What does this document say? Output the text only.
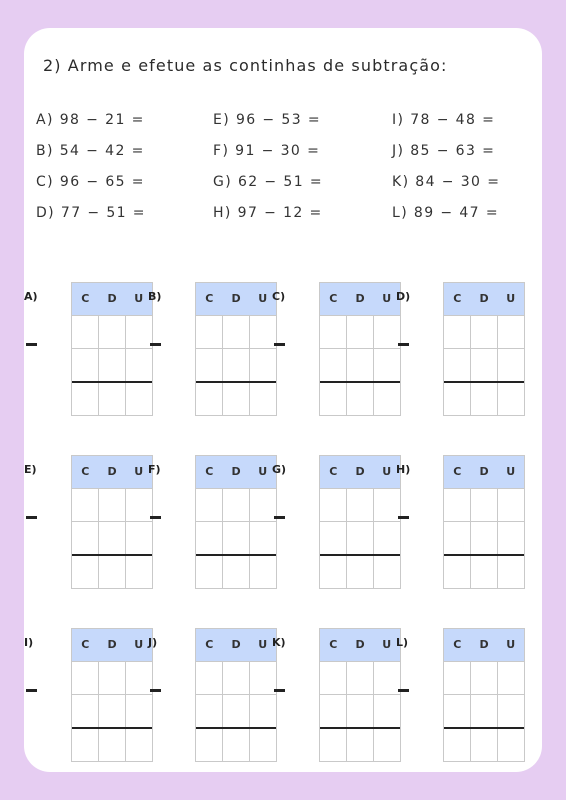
2) Arme e efetue as continhas de subtração:
A) 98 − 21 =
B) 54 − 42 =
C) 96 − 65 =
D) 77 − 51 =
E) 96 − 53 =
F) 91 − 30 =
G) 62 − 51 =
H) 97 − 12 =
I) 78 − 48 =
J) 85 − 63 =
K) 84 − 30 =
L) 89 − 47 =
A)	C	D	U B)	C	D	U C)	C	D	U D)	C	D	U
E)	C	D	U F)	C	D	U G)	C	D	U H)	C	D	U
I)	C	D	U J)	C	D	U K)	C	D	U L)	C	D	U
